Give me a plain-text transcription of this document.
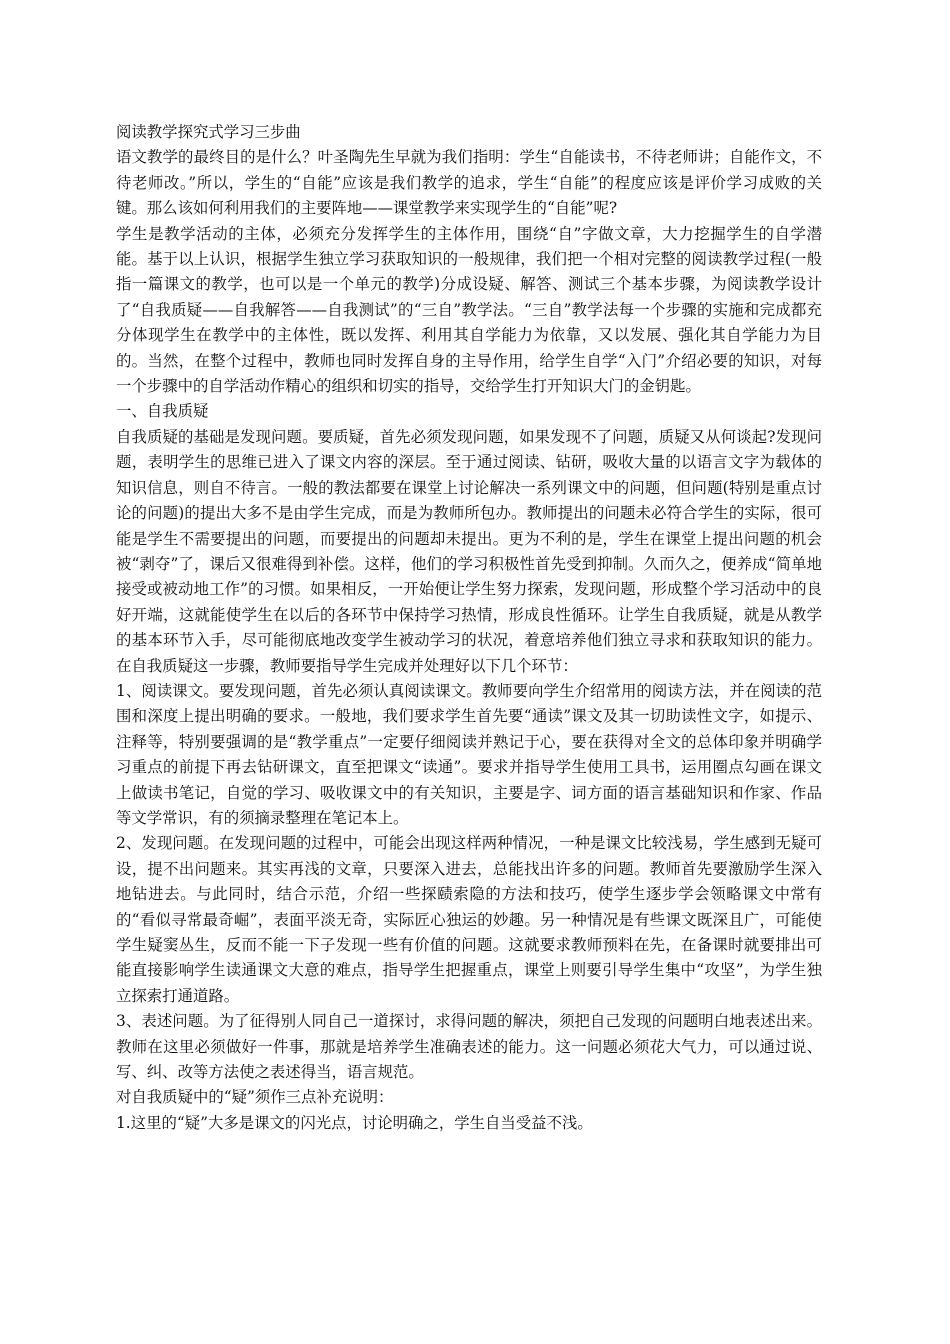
阅读教学探究式学习三步曲

语文教学的最终目的是什么？叶圣陶先生早就为我们指明：学生“自能读书，不待老师讲；自能作文，不待老师改。”所以，学生的“自能”应该是我们教学的追求，学生“自能”的程度应该是评价学习成败的关键。那么该如何利用我们的主要阵地——课堂教学来实现学生的“自能”呢?

学生是教学活动的主体，必须充分发挥学生的主体作用，围绕“自”字做文章，大力挖掘学生的自学潜能。基于以上认识，根据学生独立学习获取知识的一般规律，我们把一个相对完整的阅读教学过程(一般指一篇课文的教学，也可以是一个单元的教学)分成设疑、解答、测试三个基本步骤，为阅读教学设计了“自我质疑——自我解答——自我测试”的“三自”教学法。“三自”教学法每一个步骤的实施和完成都充分体现学生在教学中的主体性，既以发挥、利用其自学能力为依靠，又以发展、强化其自学能力为目的。当然，在整个过程中，教师也同时发挥自身的主导作用，给学生自学“入门”介绍必要的知识，对每一个步骤中的自学活动作精心的组织和切实的指导，交给学生打开知识大门的金钥匙。

一、自我质疑

自我质疑的基础是发现问题。要质疑，首先必须发现问题，如果发现不了问题，质疑又从何谈起?发现问题，表明学生的思维已进入了课文内容的深层。至于通过阅读、钻研，吸收大量的以语言文字为载体的知识信息，则自不待言。一般的教法都要在课堂上讨论解决一系列课文中的问题，但问题(特别是重点讨论的问题)的提出大多不是由学生完成，而是为教师所包办。教师提出的问题未必符合学生的实际，很可能是学生不需要提出的问题，而要提出的问题却未提出。更为不利的是，学生在课堂上提出问题的机会被“剥夺”了，课后又很难得到补偿。这样，他们的学习积极性首先受到抑制。久而久之，便养成“简单地接受或被动地工作”的习惯。如果相反，一开始便让学生努力探索，发现问题，形成整个学习活动中的良好开端，这就能使学生在以后的各环节中保持学习热情，形成良性循环。让学生自我质疑，就是从教学的基本环节入手，尽可能彻底地改变学生被动学习的状况，着意培养他们独立寻求和获取知识的能力。在自我质疑这一步骤，教师要指导学生完成并处理好以下几个环节：

1、阅读课文。要发现问题，首先必须认真阅读课文。教师要向学生介绍常用的阅读方法，并在阅读的范围和深度上提出明确的要求。一般地，我们要求学生首先要“通读”课文及其一切助读性文字，如提示、注释等，特别要强调的是“教学重点”一定要仔细阅读并熟记于心，要在获得对全文的总体印象并明确学习重点的前提下再去钻研课文，直至把课文“读通”。要求并指导学生使用工具书，运用圈点勾画在课文上做读书笔记，自觉的学习、吸收课文中的有关知识，主要是字、词方面的语言基础知识和作家、作品等文学常识，有的须摘录整理在笔记本上。

2、发现问题。在发现问题的过程中，可能会出现这样两种情况，一种是课文比较浅易，学生感到无疑可设，提不出问题来。其实再浅的文章，只要深入进去，总能找出许多的问题。教师首先要激励学生深入地钻进去。与此同时，结合示范，介绍一些探赜索隐的方法和技巧，使学生逐步学会领略课文中常有的“看似寻常最奇崛”，表面平淡无奇，实际匠心独运的妙趣。另一种情况是有些课文既深且广，可能使学生疑窦丛生，反而不能一下子发现一些有价值的问题。这就要求教师预料在先，在备课时就要排出可能直接影响学生读通课文大意的难点，指导学生把握重点，课堂上则要引导学生集中“攻坚”，为学生独立探索打通道路。

3、表述问题。为了征得别人同自己一道探讨，求得问题的解决，须把自己发现的问题明白地表述出来。教师在这里必须做好一件事，那就是培养学生准确表述的能力。这一问题必须花大气力，可以通过说、写、纠、改等方法使之表述得当，语言规范。

对自我质疑中的“疑”须作三点补充说明：

1.这里的“疑”大多是课文的闪光点，讨论明确之，学生自当受益不浅。
